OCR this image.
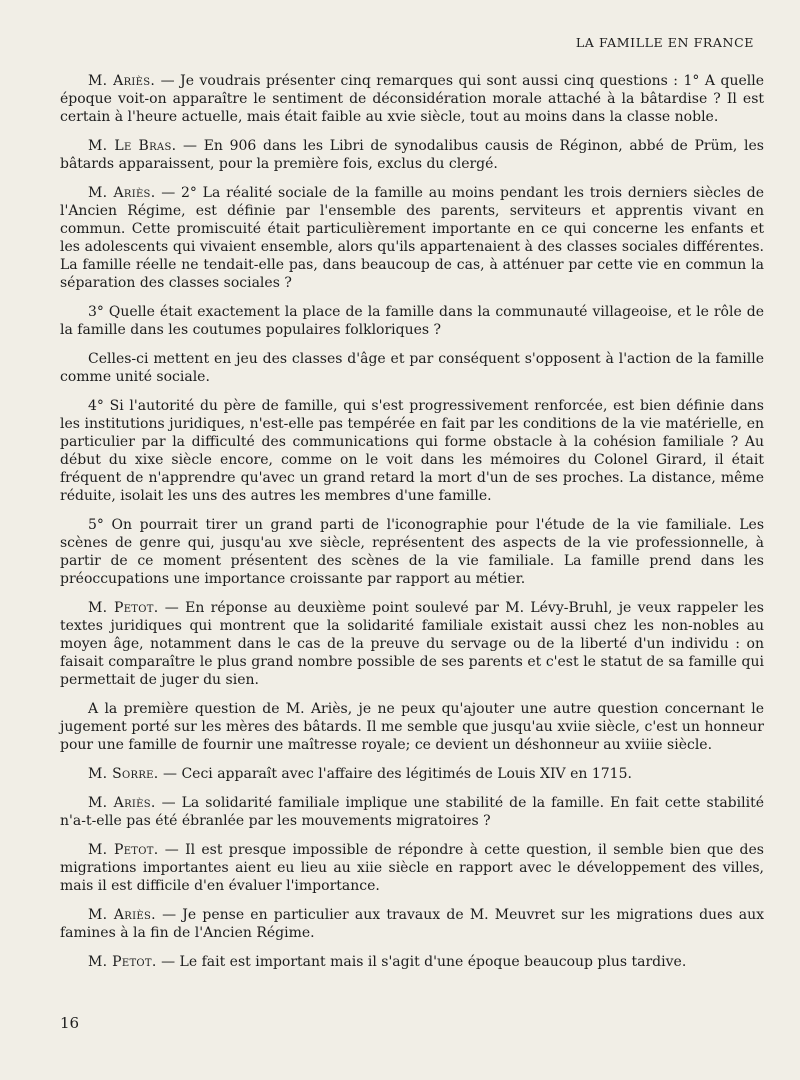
LA FAMILLE EN FRANCE

M. Ariès. — Je voudrais présenter cinq remarques qui sont aussi cinq questions : 1° A quelle époque voit-on apparaître le sentiment de déconsidération morale attaché à la bâtardise ? Il est certain à l'heure actuelle, mais était faible au xvie siècle, tout au moins dans la classe noble.

M. Le Bras. — En 906 dans les Libri de synodalibus causis de Réginon, abbé de Prüm, les bâtards apparaissent, pour la première fois, exclus du clergé.

M. Ariès. — 2° La réalité sociale de la famille au moins pendant les trois derniers siècles de l'Ancien Régime, est définie par l'ensemble des parents, serviteurs et apprentis vivant en commun. Cette promiscuité était particulièrement importante en ce qui concerne les enfants et les adolescents qui vivaient ensemble, alors qu'ils appartenaient à des classes sociales différentes. La famille réelle ne tendait-elle pas, dans beaucoup de cas, à atténuer par cette vie en commun la séparation des classes sociales ?

3° Quelle était exactement la place de la famille dans la communauté villageoise, et le rôle de la famille dans les coutumes populaires folkloriques ?

Celles-ci mettent en jeu des classes d'âge et par conséquent s'opposent à l'action de la famille comme unité sociale.

4° Si l'autorité du père de famille, qui s'est progressivement renforcée, est bien définie dans les institutions juridiques, n'est-elle pas tempérée en fait par les conditions de la vie matérielle, en particulier par la difficulté des communications qui forme obstacle à la cohésion familiale ? Au début du xixe siècle encore, comme on le voit dans les mémoires du Colonel Girard, il était fréquent de n'apprendre qu'avec un grand retard la mort d'un de ses proches. La distance, même réduite, isolait les uns des autres les membres d'une famille.

5° On pourrait tirer un grand parti de l'iconographie pour l'étude de la vie familiale. Les scènes de genre qui, jusqu'au xve siècle, représentent des aspects de la vie professionnelle, à partir de ce moment présentent des scènes de la vie familiale. La famille prend dans les préoccupations une importance croissante par rapport au métier.

M. Petot. — En réponse au deuxième point soulevé par M. Lévy-Bruhl, je veux rappeler les textes juridiques qui montrent que la solidarité familiale existait aussi chez les non-nobles au moyen âge, notamment dans le cas de la preuve du servage ou de la liberté d'un individu : on faisait comparaître le plus grand nombre possible de ses parents et c'est le statut de sa famille qui permettait de juger du sien.

A la première question de M. Ariès, je ne peux qu'ajouter une autre question concernant le jugement porté sur les mères des bâtards. Il me semble que jusqu'au xviie siècle, c'est un honneur pour une famille de fournir une maîtresse royale; ce devient un déshonneur au xviiie siècle.

M. Sorre. — Ceci apparaît avec l'affaire des légitimés de Louis XIV en 1715.

M. Ariès. — La solidarité familiale implique une stabilité de la famille. En fait cette stabilité n'a-t-elle pas été ébranlée par les mouvements migratoires ?

M. Petot. — Il est presque impossible de répondre à cette question, il semble bien que des migrations importantes aient eu lieu au xiie siècle en rapport avec le développement des villes, mais il est difficile d'en évaluer l'importance.

M. Ariès. — Je pense en particulier aux travaux de M. Meuvret sur les migrations dues aux famines à la fin de l'Ancien Régime.

M. Petot. — Le fait est important mais il s'agit d'une époque beaucoup plus tardive.

16
